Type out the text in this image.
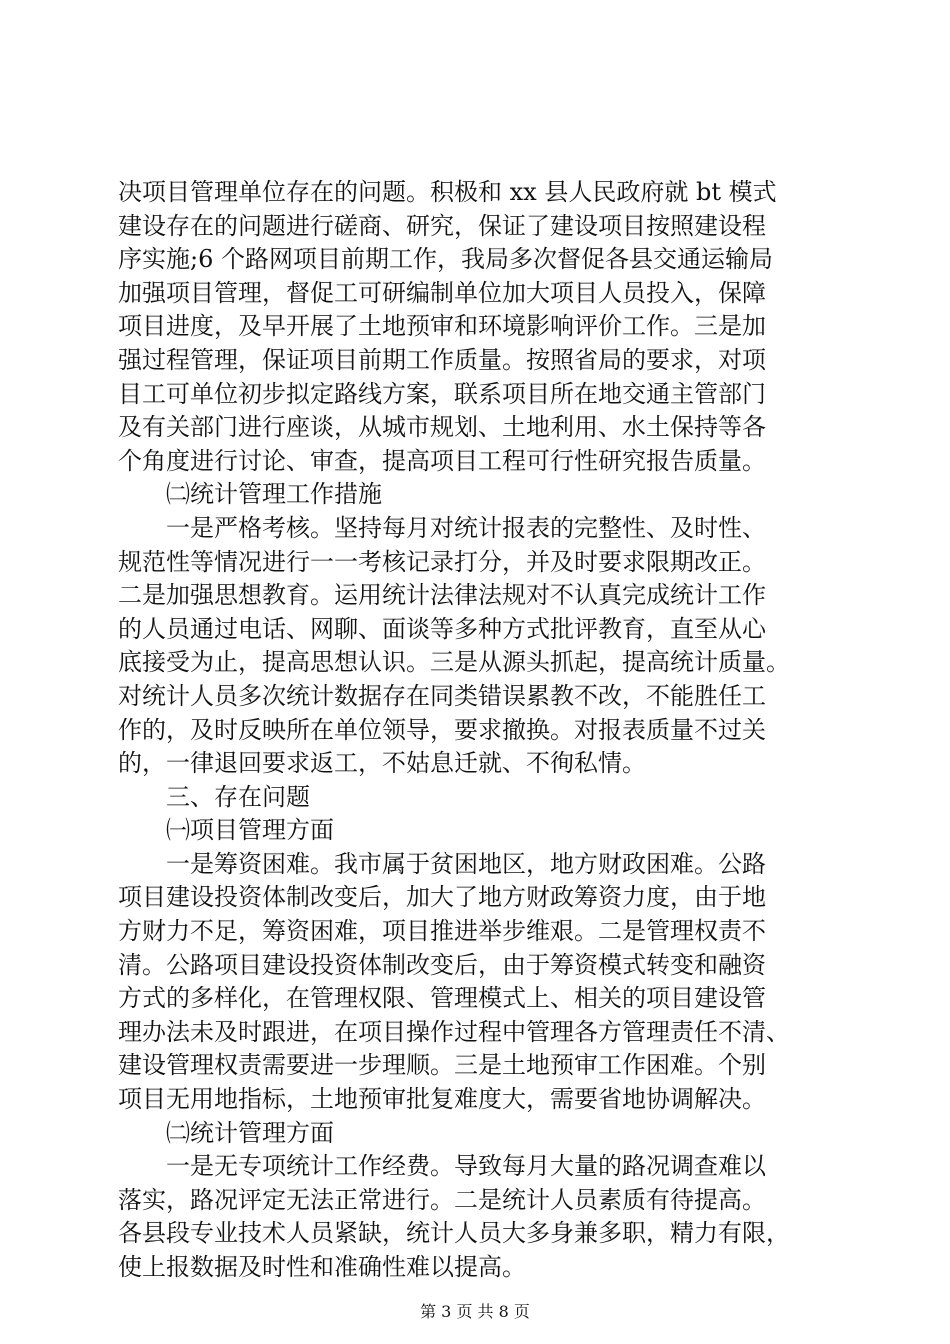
决项目管理单位存在的问题。积极和 xx 县人民政府就 bt 模式
建设存在的问题进行磋商、研究，保证了建设项目按照建设程
序实施;6 个路网项目前期工作，我局多次督促各县交通运输局
加强项目管理，督促工可研编制单位加大项目人员投入，保障
项目进度，及早开展了土地预审和环境影响评价工作。三是加
强过程管理，保证项目前期工作质量。按照省局的要求，对项
目工可单位初步拟定路线方案，联系项目所在地交通主管部门
及有关部门进行座谈，从城市规划、土地利用、水土保持等各
个角度进行讨论、审查，提高项目工程可行性研究报告质量。
㈡统计管理工作措施
一是严格考核。坚持每月对统计报表的完整性、及时性、
规范性等情况进行一一考核记录打分，并及时要求限期改正。
二是加强思想教育。运用统计法律法规对不认真完成统计工作
的人员通过电话、网聊、面谈等多种方式批评教育，直至从心
底接受为止，提高思想认识。三是从源头抓起，提高统计质量。
对统计人员多次统计数据存在同类错误累教不改，不能胜任工
作的，及时反映所在单位领导，要求撤换。对报表质量不过关
的，一律退回要求返工，不姑息迁就、不徇私情。
三、存在问题
㈠项目管理方面
一是筹资困难。我市属于贫困地区，地方财政困难。公路
项目建设投资体制改变后，加大了地方财政筹资力度，由于地
方财力不足，筹资困难，项目推进举步维艰。二是管理权责不
清。公路项目建设投资体制改变后，由于筹资模式转变和融资
方式的多样化，在管理权限、管理模式上、相关的项目建设管
理办法未及时跟进，在项目操作过程中管理各方管理责任不清、
建设管理权责需要进一步理顺。三是土地预审工作困难。个别
项目无用地指标，土地预审批复难度大，需要省地协调解决。
㈡统计管理方面
一是无专项统计工作经费。导致每月大量的路况调查难以
落实，路况评定无法正常进行。二是统计人员素质有待提高。
各县段专业技术人员紧缺，统计人员大多身兼多职，精力有限，
使上报数据及时性和准确性难以提高。
第 3 页 共 8 页
